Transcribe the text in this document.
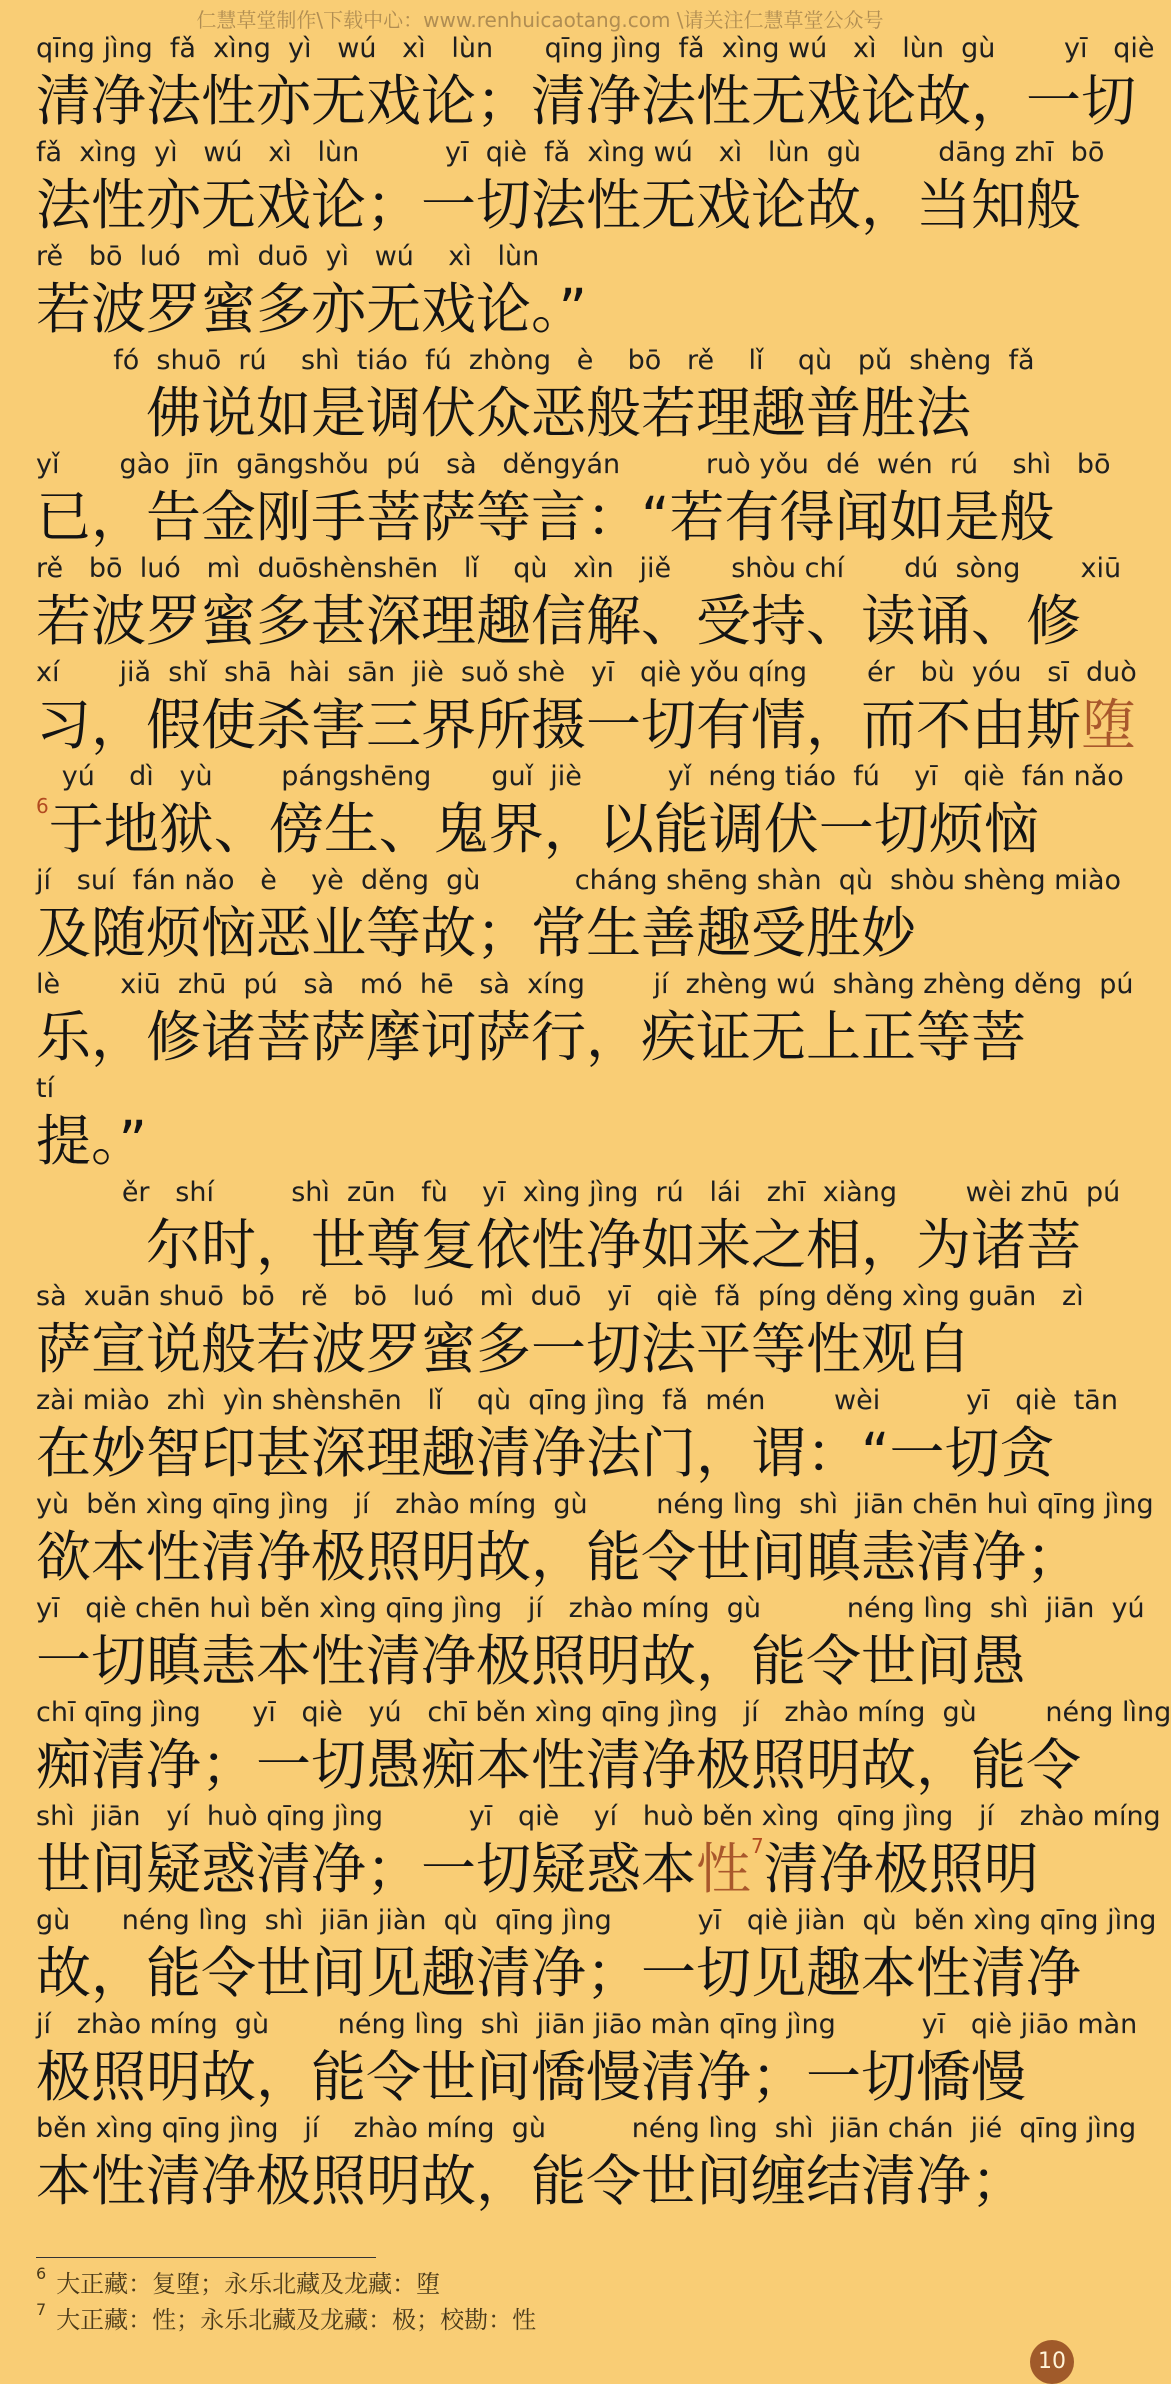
仁慧草堂制作\下载中心：www.renhuicaotang.com \请关注仁慧草堂公众号
qīng jìng  fǎ  xìng  yì   wú   xì   lùn      qīng jìng  fǎ  xìng wú   xì   lùn  gù        yī   qiè
清净法性亦无戏论；清净法性无戏论故，一切
fǎ  xìng  yì   wú   xì   lùn          yī  qiè  fǎ  xìng wú   xì   lùn  gù         dāng zhī  bō
法性亦无戏论；一切法性无戏论故，当知般
rě   bō  luó   mì  duō  yì   wú    xì   lùn
若波罗蜜多亦无戏论。”
fó  shuō  rú    shì  tiáo  fú  zhòng   è    bō   rě    lǐ    qù   pǔ  shèng  fǎ
　　佛说如是调伏众恶般若理趣普胜法
yǐ       gào  jīn  gāngshǒu  pú   sà   děngyán          ruò yǒu  dé  wén  rú    shì   bō
已，告金刚手菩萨等言：“若有得闻如是般
rě   bō  luó   mì  duōshènshēn   lǐ    qù   xìn   jiě       shòu chí       dú  sòng       xiū
若波罗蜜多甚深理趣信解、受持、读诵、修
xí       jiǎ  shǐ  shā  hài  sān  jiè  suǒ shè   yī   qiè yǒu qíng       ér   bù  yóu   sī  duò
习，假使杀害三界所摄一切有情，而不由斯堕
yú    dì   yù        pángshēng       guǐ  jiè          yǐ  néng tiáo  fú    yī   qiè  fán nǎo
$^6$于地狱、傍生、鬼界，以能调伏一切烦恼
jí   suí  fán nǎo   è    yè  děng  gù           cháng shēng shàn  qù  shòu shèng miào
及随烦恼恶业等故；常生善趣受胜妙
lè       xiū  zhū  pú   sà   mó  hē   sà  xíng        jí  zhèng wú  shàng zhèng děng  pú
乐，修诸菩萨摩诃萨行，疾证无上正等菩
tí
提。”
ěr   shí         shì  zūn   fù    yī  xìng jìng  rú   lái   zhī  xiàng        wèi zhū  pú
　　尔时，世尊复依性净如来之相，为诸菩
sà  xuān shuō  bō   rě   bō   luó   mì  duō   yī   qiè  fǎ  píng děng xìng guān   zì
萨宣说般若波罗蜜多一切法平等性观自
zài miào  zhì  yìn shènshēn   lǐ    qù  qīng jìng  fǎ  mén        wèi          yī   qiè  tān
在妙智印甚深理趣清净法门，谓：“一切贪
yù  běn xìng qīng jìng   jí   zhào míng  gù        néng lìng  shì  jiān chēn huì qīng jìng
欲本性清净极照明故，能令世间瞋恚清净；
yī   qiè chēn huì běn xìng qīng jìng   jí   zhào míng  gù          néng lìng  shì  jiān  yú
一切瞋恚本性清净极照明故，能令世间愚
chī qīng jìng      yī   qiè   yú   chī běn xìng qīng jìng   jí   zhào míng  gù        néng lìng
痴清净；一切愚痴本性清净极照明故，能令
shì  jiān   yí  huò qīng jìng          yī   qiè    yí   huò běn xìng  qīng jìng   jí   zhào míng
世间疑惑清净；一切疑惑本性$^7$清净极照明
gù      néng lìng  shì  jiān jiàn  qù  qīng jìng          yī   qiè jiàn  qù  běn xìng qīng jìng
故，能令世间见趣清净；一切见趣本性清净
jí   zhào míng  gù        néng lìng  shì  jiān jiāo màn qīng jìng          yī   qiè jiāo màn
极照明故，能令世间憍慢清净；一切憍慢
běn xìng qīng jìng   jí    zhào míng  gù          néng lìng  shì  jiān chán  jié  qīng jìng
本性清净极照明故，能令世间缠结清净；
$^6$ 大正藏：复堕；永乐北藏及龙藏：堕
$^7$ 大正藏：性；永乐北藏及龙藏：极；校勘：性
10
